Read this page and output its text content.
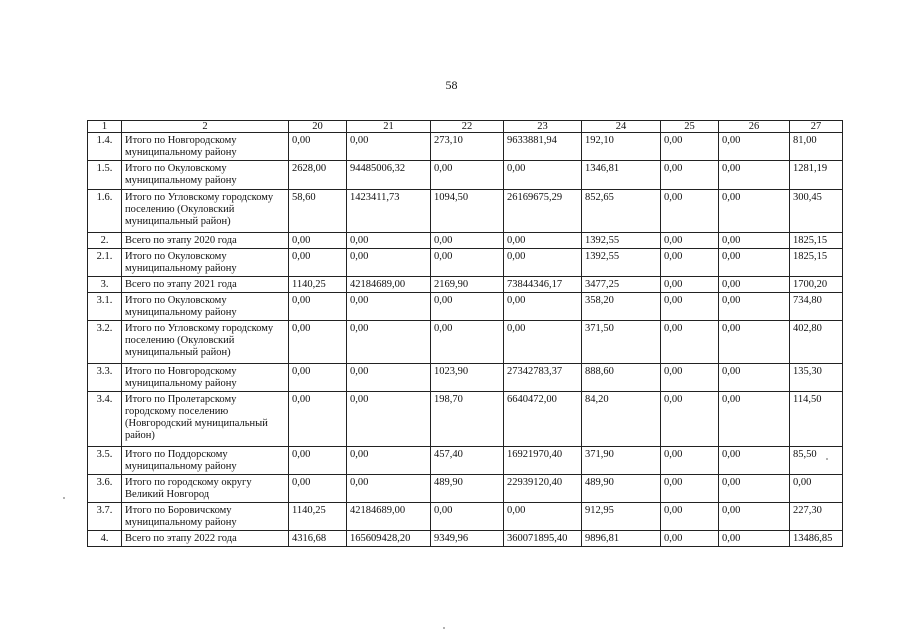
58
1	2	20	21	22	23	24	25	26	27
1.4.	Итого по Новгородскому муниципальному району	0,00	0,00	273,10	9633881,94	192,10	0,00	0,00	81,00
1.5.	Итого по Окуловскому муниципальному району	2628,00	94485006,32	0,00	0,00	1346,81	0,00	0,00	1281,19
1.6.	Итого по Угловскому городскому поселению (Окуловский муниципальный район)	58,60	1423411,73	1094,50	26169675,29	852,65	0,00	0,00	300,45
2.	Всего по этапу 2020 года	0,00	0,00	0,00	0,00	1392,55	0,00	0,00	1825,15
2.1.	Итого по Окуловскому муниципальному району	0,00	0,00	0,00	0,00	1392,55	0,00	0,00	1825,15
3.	Всего по этапу 2021 года	1140,25	42184689,00	2169,90	73844346,17	3477,25	0,00	0,00	1700,20
3.1.	Итого по Окуловскому муниципальному району	0,00	0,00	0,00	0,00	358,20	0,00	0,00	734,80
3.2.	Итого по Угловскому городскому поселению (Окуловский муниципальный район)	0,00	0,00	0,00	0,00	371,50	0,00	0,00	402,80
3.3.	Итого по Новгородскому муниципальному району	0,00	0,00	1023,90	27342783,37	888,60	0,00	0,00	135,30
3.4.	Итого по Пролетарскому городскому поселению (Новгородский муниципальный район)	0,00	0,00	198,70	6640472,00	84,20	0,00	0,00	114,50
3.5.	Итого по Поддорскому муниципальному району	0,00	0,00	457,40	16921970,40	371,90	0,00	0,00	85,50
3.6.	Итого по городскому округу Великий Новгород	0,00	0,00	489,90	22939120,40	489,90	0,00	0,00	0,00
3.7.	Итого по Боровичскому муниципальному району	1140,25	42184689,00	0,00	0,00	912,95	0,00	0,00	227,30
4.	Всего по этапу 2022 года	4316,68	165609428,20	9349,96	360071895,40	9896,81	0,00	0,00	13486,85
